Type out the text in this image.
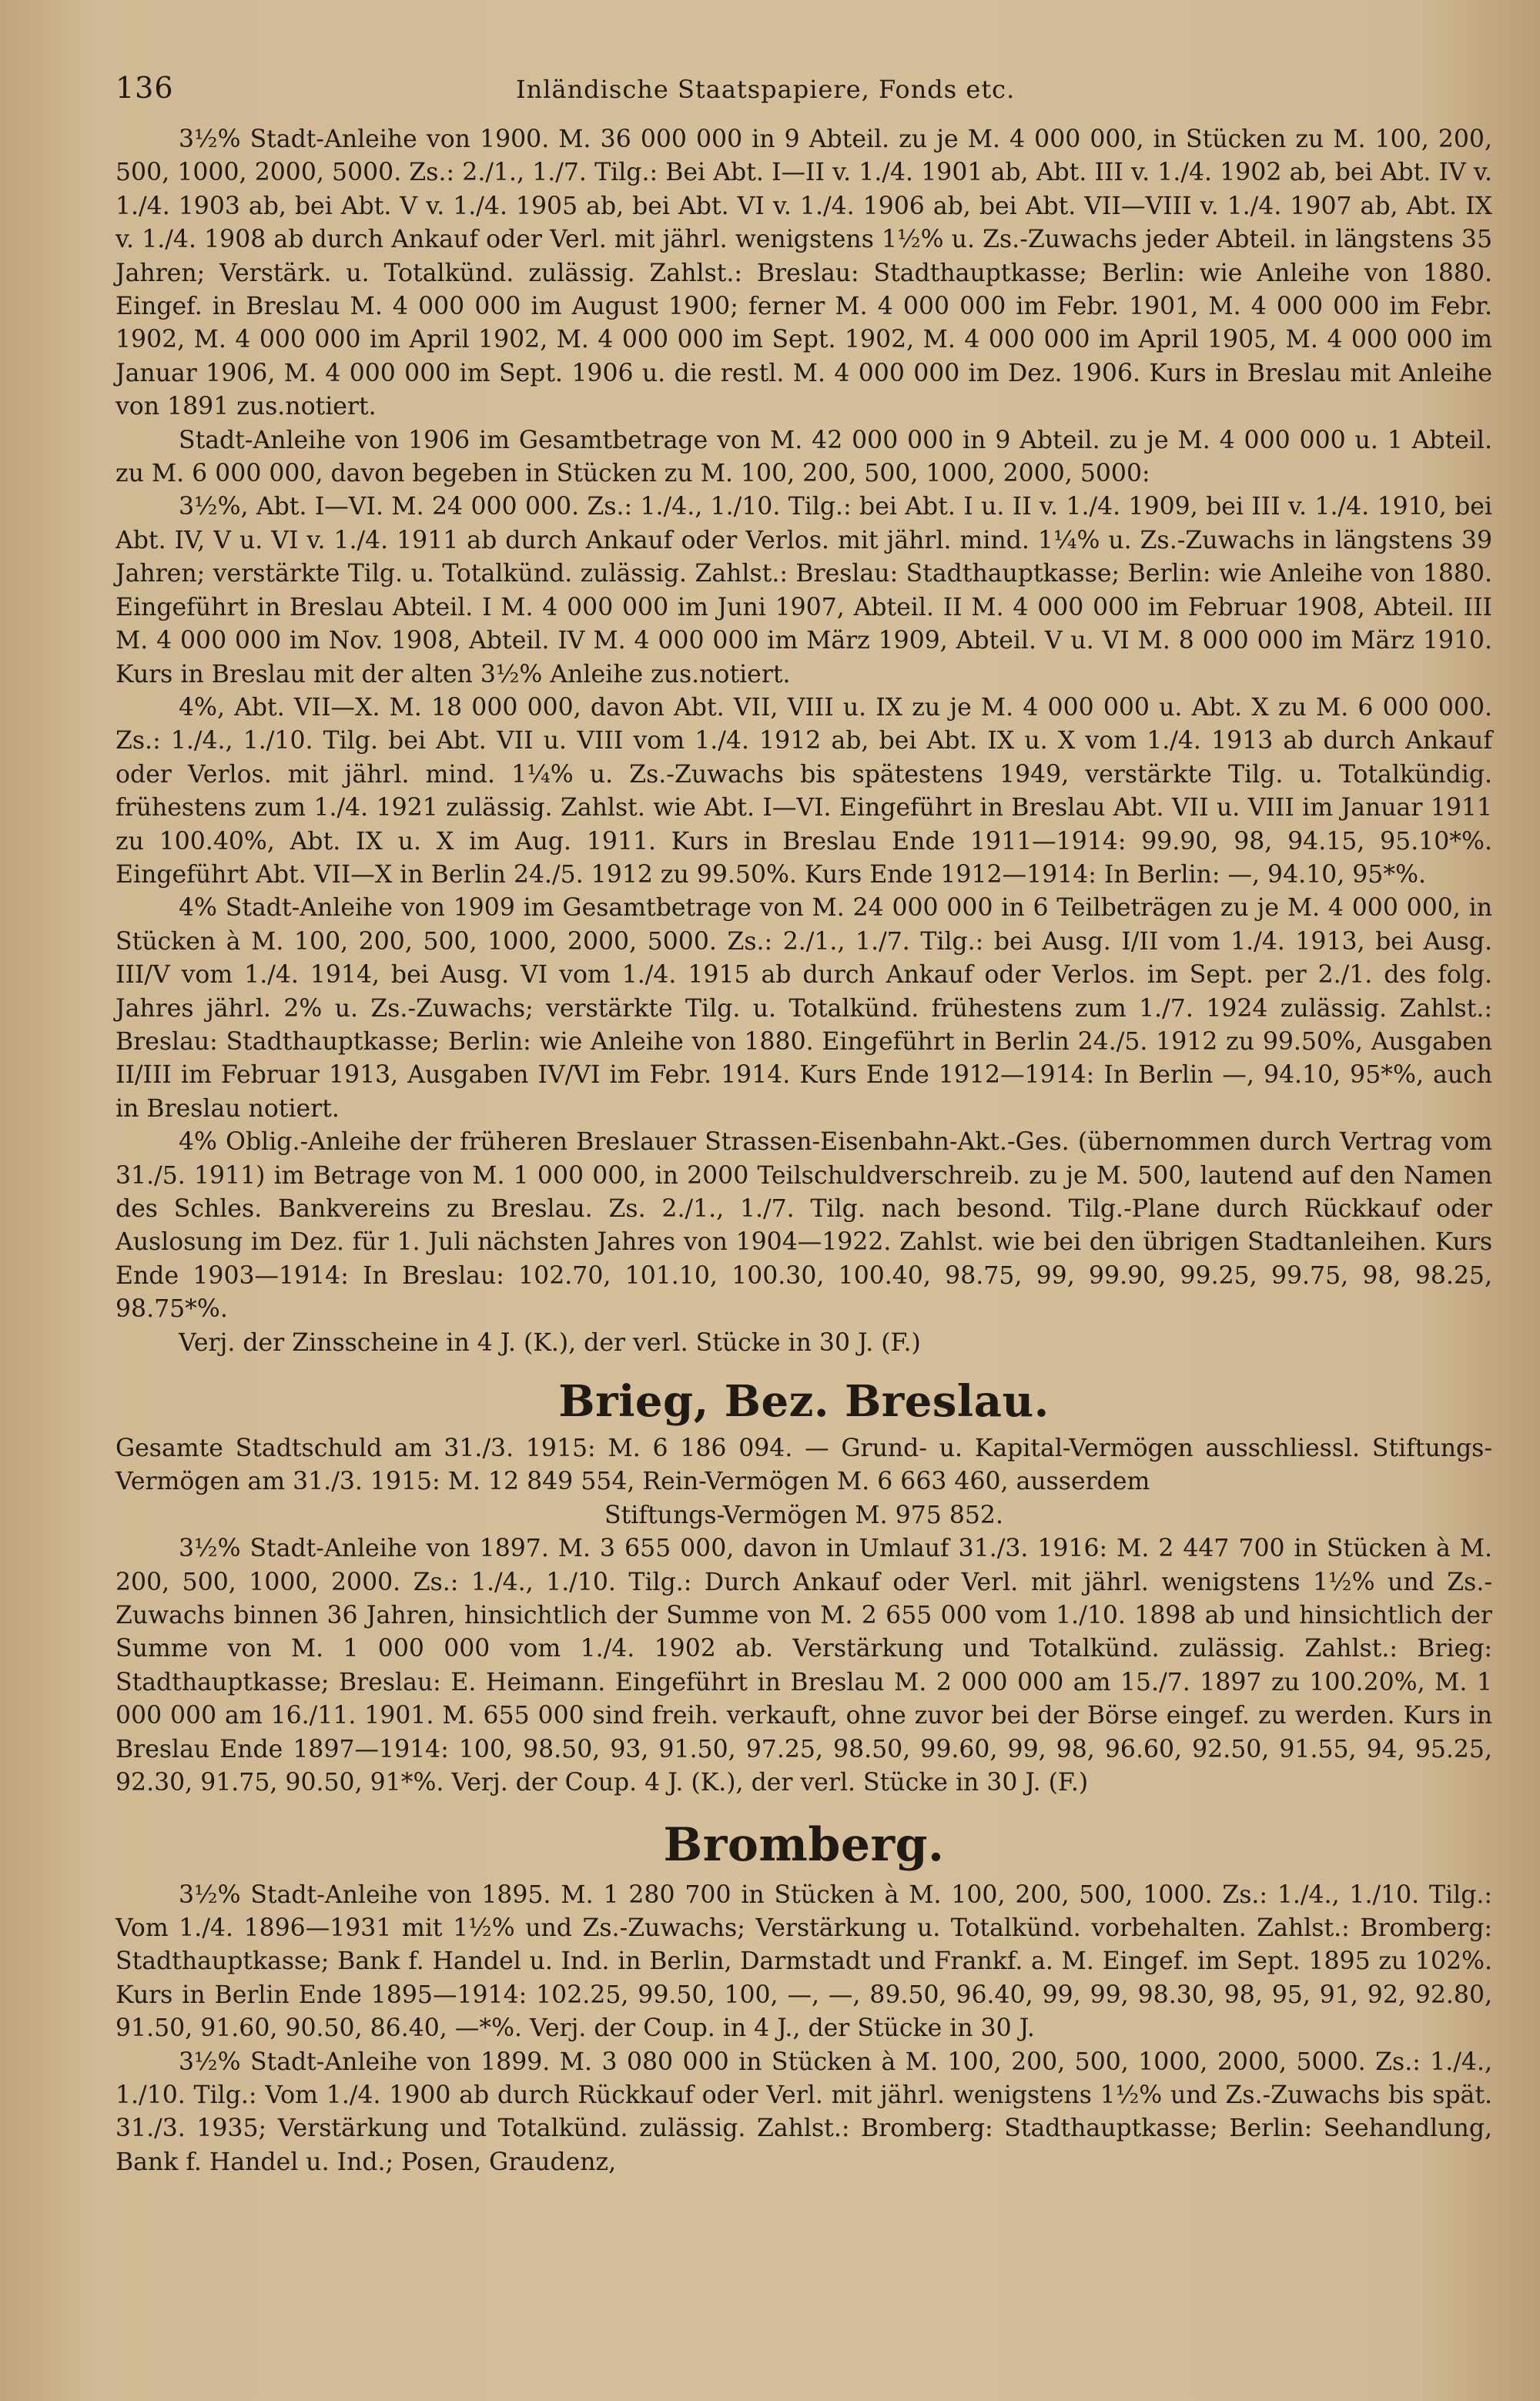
136	Inländische Staatspapiere, Fonds etc.

3½% Stadt-Anleihe von 1900. M. 36 000 000 in 9 Abteil. zu je M. 4 000 000, in Stücken zu M. 100, 200, 500, 1000, 2000, 5000. Zs.: 2./1., 1./7. Tilg.: Bei Abt. I—II v. 1./4. 1901 ab, Abt. III v. 1./4. 1902 ab, bei Abt. IV v. 1./4. 1903 ab, bei Abt. V v. 1./4. 1905 ab, bei Abt. VI v. 1./4. 1906 ab, bei Abt. VII—VIII v. 1./4. 1907 ab, Abt. IX v. 1./4. 1908 ab durch Ankauf oder Verl. mit jährl. wenigstens 1½% u. Zs.-Zuwachs jeder Abteil. in längstens 35 Jahren; Verstärk. u. Totalkünd. zulässig. Zahlst.: Breslau: Stadthauptkasse; Berlin: wie Anleihe von 1880. Eingef. in Breslau M. 4 000 000 im August 1900; ferner M. 4 000 000 im Febr. 1901, M. 4 000 000 im Febr. 1902, M. 4 000 000 im April 1902, M. 4 000 000 im Sept. 1902, M. 4 000 000 im April 1905, M. 4 000 000 im Januar 1906, M. 4 000 000 im Sept. 1906 u. die restl. M. 4 000 000 im Dez. 1906. Kurs in Breslau mit Anleihe von 1891 zus.notiert.

Stadt-Anleihe von 1906 im Gesamtbetrage von M. 42 000 000 in 9 Abteil. zu je M. 4 000 000 u. 1 Abteil. zu M. 6 000 000, davon begeben in Stücken zu M. 100, 200, 500, 1000, 2000, 5000:

3½%, Abt. I—VI. M. 24 000 000. Zs.: 1./4., 1./10. Tilg.: bei Abt. I u. II v. 1./4. 1909, bei III v. 1./4. 1910, bei Abt. IV, V u. VI v. 1./4. 1911 ab durch Ankauf oder Verlos. mit jährl. mind. 1¼% u. Zs.-Zuwachs in längstens 39 Jahren; verstärkte Tilg. u. Totalkünd. zulässig. Zahlst.: Breslau: Stadthauptkasse; Berlin: wie Anleihe von 1880. Eingeführt in Breslau Abteil. I M. 4 000 000 im Juni 1907, Abteil. II M. 4 000 000 im Februar 1908, Abteil. III M. 4 000 000 im Nov. 1908, Abteil. IV M. 4 000 000 im März 1909, Abteil. V u. VI M. 8 000 000 im März 1910. Kurs in Breslau mit der alten 3½% Anleihe zus.notiert.

4%, Abt. VII—X. M. 18 000 000, davon Abt. VII, VIII u. IX zu je M. 4 000 000 u. Abt. X zu M. 6 000 000. Zs.: 1./4., 1./10. Tilg. bei Abt. VII u. VIII vom 1./4. 1912 ab, bei Abt. IX u. X vom 1./4. 1913 ab durch Ankauf oder Verlos. mit jährl. mind. 1¼% u. Zs.-Zuwachs bis spätestens 1949, verstärkte Tilg. u. Totalkündig. frühestens zum 1./4. 1921 zulässig. Zahlst. wie Abt. I—VI. Eingeführt in Breslau Abt. VII u. VIII im Januar 1911 zu 100.40%, Abt. IX u. X im Aug. 1911. Kurs in Breslau Ende 1911—1914: 99.90, 98, 94.15, 95.10*%. Eingeführt Abt. VII—X in Berlin 24./5. 1912 zu 99.50%. Kurs Ende 1912—1914: In Berlin: —, 94.10, 95*%.

4% Stadt-Anleihe von 1909 im Gesamtbetrage von M. 24 000 000 in 6 Teilbeträgen zu je M. 4 000 000, in Stücken à M. 100, 200, 500, 1000, 2000, 5000. Zs.: 2./1., 1./7. Tilg.: bei Ausg. I/II vom 1./4. 1913, bei Ausg. III/V vom 1./4. 1914, bei Ausg. VI vom 1./4. 1915 ab durch Ankauf oder Verlos. im Sept. per 2./1. des folg. Jahres jährl. 2% u. Zs.-Zuwachs; verstärkte Tilg. u. Totalkünd. frühestens zum 1./7. 1924 zulässig. Zahlst.: Breslau: Stadthauptkasse; Berlin: wie Anleihe von 1880. Eingeführt in Berlin 24./5. 1912 zu 99.50%, Ausgaben II/III im Februar 1913, Ausgaben IV/VI im Febr. 1914. Kurs Ende 1912—1914: In Berlin —, 94.10, 95*%, auch in Breslau notiert.

4% Oblig.-Anleihe der früheren Breslauer Strassen-Eisenbahn-Akt.-Ges. (übernommen durch Vertrag vom 31./5. 1911) im Betrage von M. 1 000 000, in 2000 Teilschuldverschreib. zu je M. 500, lautend auf den Namen des Schles. Bankvereins zu Breslau. Zs. 2./1., 1./7. Tilg. nach besond. Tilg.-Plane durch Rückkauf oder Auslosung im Dez. für 1. Juli nächsten Jahres von 1904—1922. Zahlst. wie bei den übrigen Stadtanleihen. Kurs Ende 1903—1914: In Breslau: 102.70, 101.10, 100.30, 100.40, 98.75, 99, 99.90, 99.25, 99.75, 98, 98.25, 98.75*%.

Verj. der Zinsscheine in 4 J. (K.), der verl. Stücke in 30 J. (F.)

Brieg, Bez. Breslau.

Gesamte Stadtschuld am 31./3. 1915: M. 6 186 094. — Grund- u. Kapital-Vermögen ausschliessl. Stiftungs-Vermögen am 31./3. 1915: M. 12 849 554, Rein-Vermögen M. 6 663 460, ausserdem

Stiftungs-Vermögen M. 975 852.

3½% Stadt-Anleihe von 1897. M. 3 655 000, davon in Umlauf 31./3. 1916: M. 2 447 700 in Stücken à M. 200, 500, 1000, 2000. Zs.: 1./4., 1./10. Tilg.: Durch Ankauf oder Verl. mit jährl. wenigstens 1½% und Zs.-Zuwachs binnen 36 Jahren, hinsichtlich der Summe von M. 2 655 000 vom 1./10. 1898 ab und hinsichtlich der Summe von M. 1 000 000 vom 1./4. 1902 ab. Verstärkung und Totalkünd. zulässig. Zahlst.: Brieg: Stadthauptkasse; Breslau: E. Heimann. Eingeführt in Breslau M. 2 000 000 am 15./7. 1897 zu 100.20%, M. 1 000 000 am 16./11. 1901. M. 655 000 sind freih. verkauft, ohne zuvor bei der Börse eingef. zu werden. Kurs in Breslau Ende 1897—1914: 100, 98.50, 93, 91.50, 97.25, 98.50, 99.60, 99, 98, 96.60, 92.50, 91.55, 94, 95.25, 92.30, 91.75, 90.50, 91*%. Verj. der Coup. 4 J. (K.), der verl. Stücke in 30 J. (F.)

Bromberg.

3½% Stadt-Anleihe von 1895. M. 1 280 700 in Stücken à M. 100, 200, 500, 1000. Zs.: 1./4., 1./10. Tilg.: Vom 1./4. 1896—1931 mit 1½% und Zs.-Zuwachs; Verstärkung u. Totalkünd. vorbehalten. Zahlst.: Bromberg: Stadthauptkasse; Bank f. Handel u. Ind. in Berlin, Darmstadt und Frankf. a. M. Eingef. im Sept. 1895 zu 102%. Kurs in Berlin Ende 1895—1914: 102.25, 99.50, 100, —, —, 89.50, 96.40, 99, 99, 98.30, 98, 95, 91, 92, 92.80, 91.50, 91.60, 90.50, 86.40, —*%. Verj. der Coup. in 4 J., der Stücke in 30 J.

3½% Stadt-Anleihe von 1899. M. 3 080 000 in Stücken à M. 100, 200, 500, 1000, 2000, 5000. Zs.: 1./4., 1./10. Tilg.: Vom 1./4. 1900 ab durch Rückkauf oder Verl. mit jährl. wenigstens 1½% und Zs.-Zuwachs bis spät. 31./3. 1935; Verstärkung und Totalkünd. zulässig. Zahlst.: Bromberg: Stadthauptkasse; Berlin: Seehandlung, Bank f. Handel u. Ind.; Posen, Graudenz,
